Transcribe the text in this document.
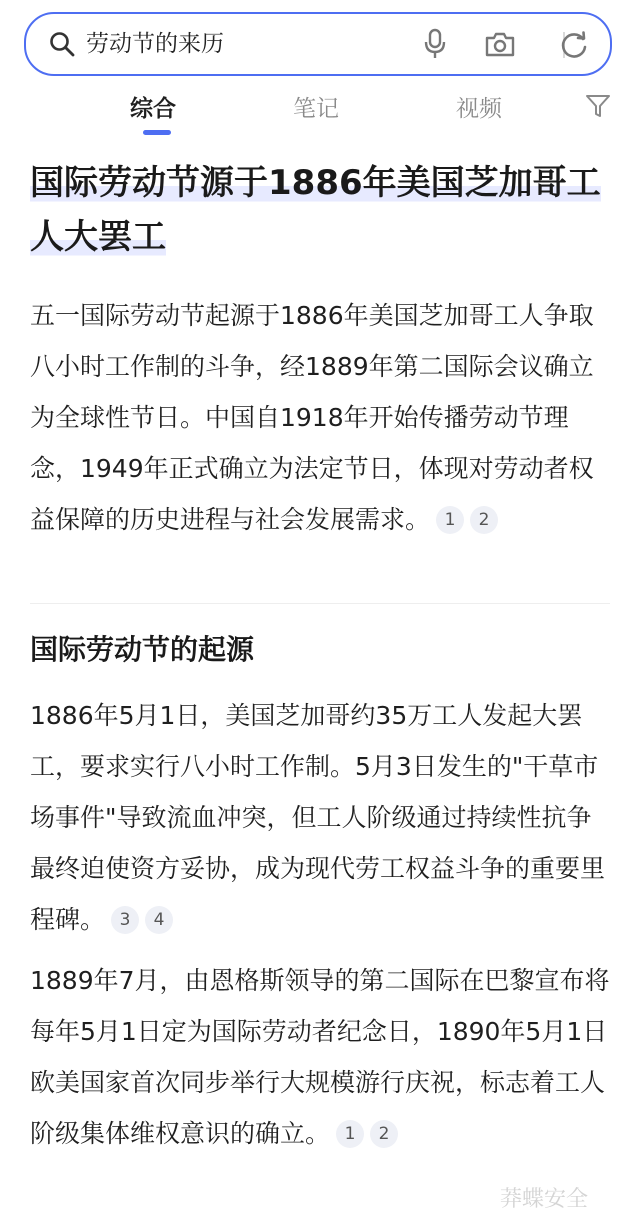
劳动节的来历
综合	笔记	视频
国际劳动节源于1886年美国芝加哥工人大罢工

五一国际劳动节起源于1886年美国芝加哥工人争取八小时工作制的斗争，经1889年第二国际会议确立为全球性节日。中国自1918年开始传播劳动节理念，1949年正式确立为法定节日，体现对劳动者权益保障的历史进程与社会发展需求。 1 2

国际劳动节的起源

1886年5月1日，美国芝加哥约35万工人发起大罢工，要求实行八小时工作制。5月3日发生的"干草市场事件"导致流血冲突，但工人阶级通过持续性抗争最终迫使资方妥协，成为现代劳工权益斗争的重要里程碑。 3 4

1889年7月，由恩格斯领导的第二国际在巴黎宣布将每年5月1日定为国际劳动者纪念日，1890年5月1日欧美国家首次同步举行大规模游行庆祝，标志着工人阶级集体维权意识的确立。 1 2

莽蝶安全
